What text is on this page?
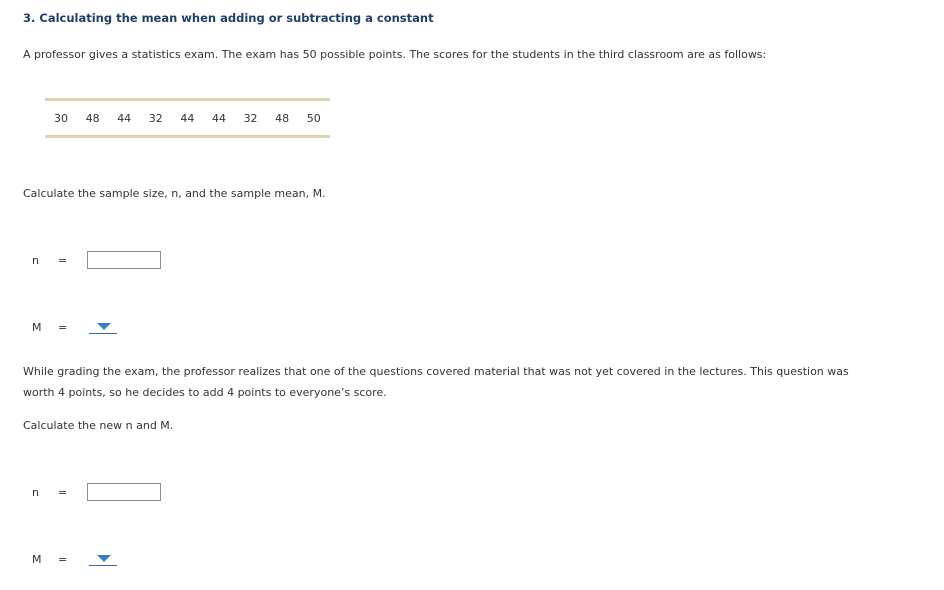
3. Calculating the mean when adding or subtracting a constant
A professor gives a statistics exam. The exam has 50 possible points. The scores for the students in the third classroom are as follows:
30	48	44	32	44	44	32	48	50
Calculate the sample size, n, and the sample mean, M.
n =
M =
While grading the exam, the professor realizes that one of the questions covered material that was not yet covered in the lectures. This question was
worth 4 points, so he decides to add 4 points to everyone’s score.
Calculate the new n and M.
n =
M =
